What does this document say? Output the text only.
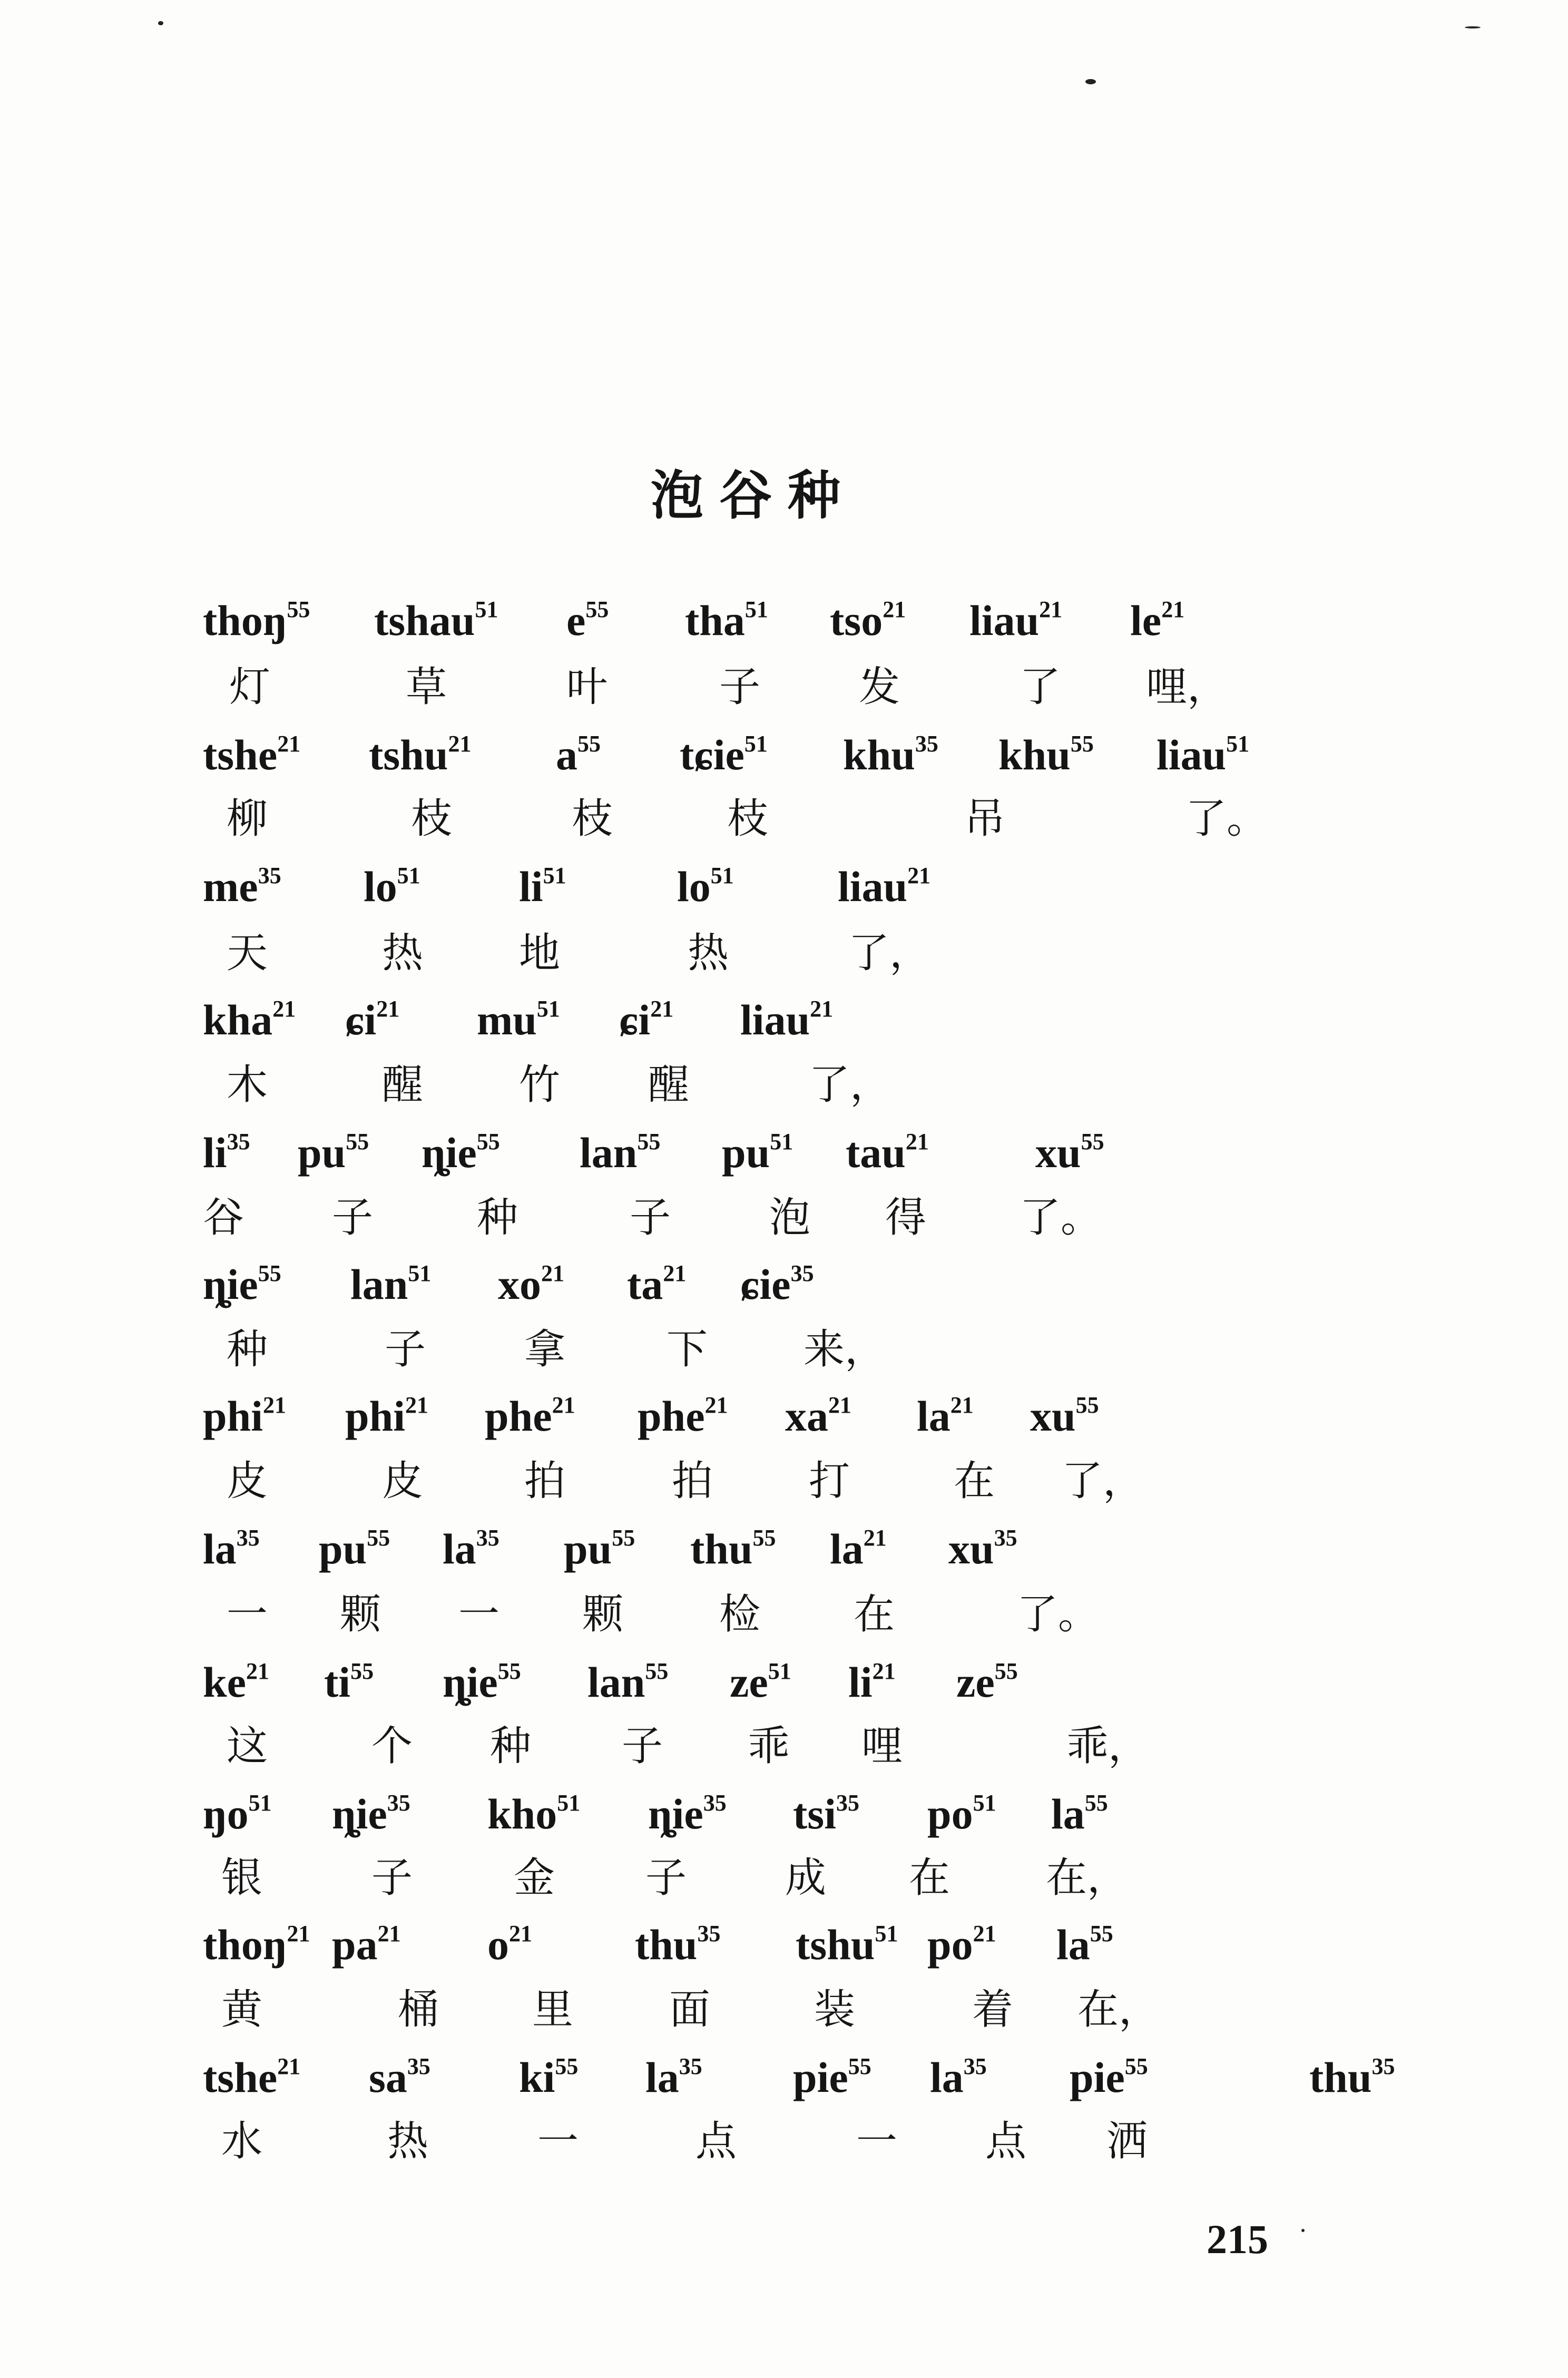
泡谷种
thoŋ$^{55}$ tshau$^{51}$ $e^{55}$ tha$^{51}$ tso$^{21}$ liau$^{21}$ $le^{21}$
灯	草	叶	子 发	了 哩，
tshe$^{21}$ tshu$^{21}$ $a^{55}$ tɕie$^{51}$ khu$^{35}$ khu$^{55}$ liau$^{51}$
柳	枝	枝	枝	吊	了。
$me^{35}$ $lo^{51}$ $li^{51}$	$lo^{51}$ liau$^{21}$
天	热 地	热	了，
kha$^{21}$ ɕi$^{21}$ $mu^{51}$ ɕi$^{21}$ liau$^{21}$
木	醒 竹 醒	了，
$li^{35}$ $pu^{55}$ ȵie$^{55}$ lan$^{55}$ $pu^{51}$ tau$^{21}$ $xu^{55}$
谷 子	种	子 泡 得 了。
ȵie$^{55}$ lan$^{51}$ $xo^{21}$ $ta^{21}$ ɕie$^{35}$
种	子 拿 下 来，
phi$^{21}$ phi$^{21}$ phe$^{21}$ phe$^{21}$ $xa^{21}$ $la^{21}$ $xu^{55}$
皮	皮 拍	拍 打	在 了，
$la^{35}$ $pu^{55}$ $la^{35}$ $pu^{55}$ thu$^{55}$ $la^{21}$ $xu^{35}$
一 颗 一 颗 检 在	了。
$ke^{21}$ $ti^{55}$ ȵie$^{55}$ lan$^{55}$ $ze^{51}$ $li^{21}$ $ze^{55}$
这	个 种 子 乖 哩	乖，
$ŋo^{51}$ ȵie$^{35}$ kho$^{51}$ ȵie$^{35}$ tsi$^{35}$ $po^{51}$ $la^{55}$
银	子 金 子 成 在 在，
thoŋ$^{21}$ $pa^{21}$ $o^{21}$ thu$^{35}$ tshu$^{51}$ $po^{21}$ $la^{55}$
黄	桶 里 面	装	着 在，
tshe$^{21}$ $sa^{35}$ $ki^{55}$ $la^{35}$ pie$^{55}$ $la^{35}$ pie$^{55}$	thu$^{35}$
水	热	一	点	一 点 洒
215
